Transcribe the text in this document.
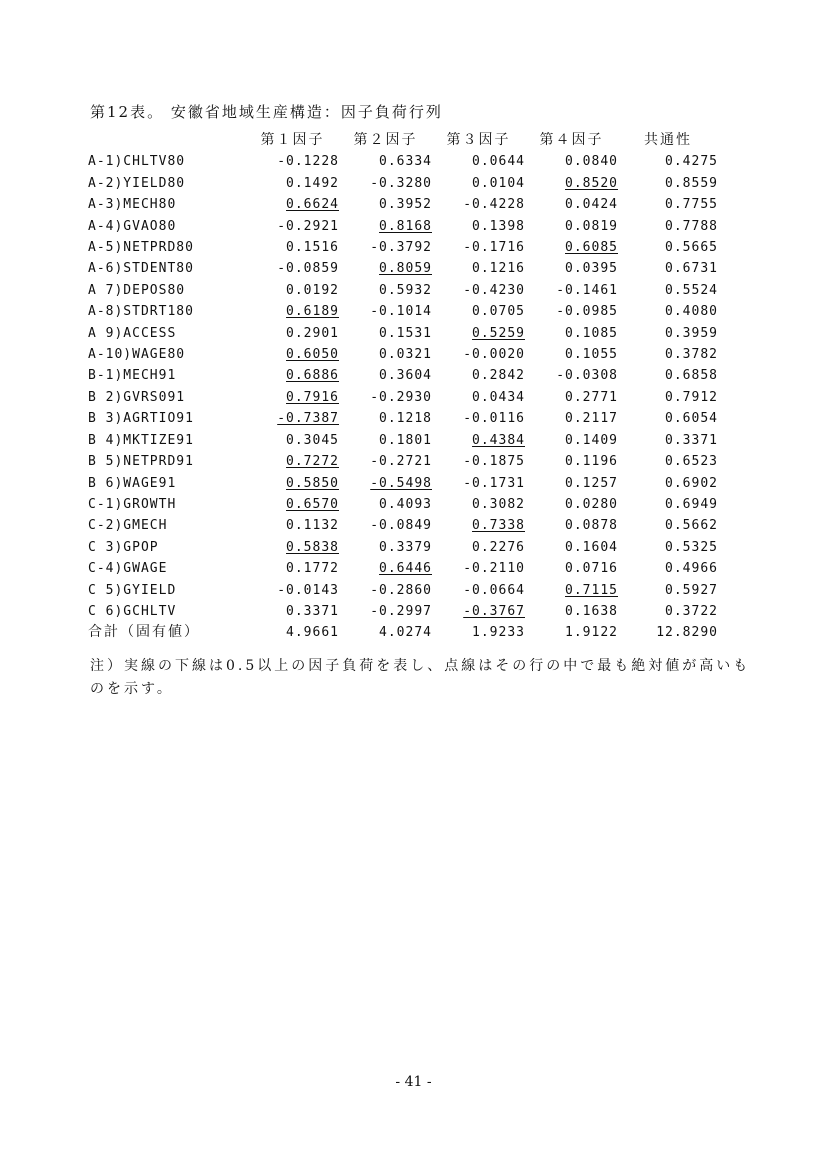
第12表。 安徽省地域生産構造：因子負荷行列
	第１因子	第２因子	第３因子	第４因子	共通性
A-1)CHLTV80	-0.1228	0.6334	0.0644	0.0840	0.4275
A-2)YIELD80	0.1492	-0.3280	0.0104	0.8520	0.8559
A-3)MECH80	0.6624	0.3952	-0.4228	0.0424	0.7755
A-4)GVAO80	-0.2921	0.8168	0.1398	0.0819	0.7788
A-5)NETPRD80	0.1516	-0.3792	-0.1716	0.6085	0.5665
A-6)STDENT80	-0.0859	0.8059	0.1216	0.0395	0.6731
A 7)DEPOS80	0.0192	0.5932	-0.4230	-0.1461	0.5524
A-8)STDRT180	0.6189	-0.1014	0.0705	-0.0985	0.4080
A 9)ACCESS	0.2901	0.1531	0.5259	0.1085	0.3959
A-10)WAGE80	0.6050	0.0321	-0.0020	0.1055	0.3782
B-1)MECH91	0.6886	0.3604	0.2842	-0.0308	0.6858
B 2)GVRS091	0.7916	-0.2930	0.0434	0.2771	0.7912
B 3)AGRTIO91	-0.7387	0.1218	-0.0116	0.2117	0.6054
B 4)MKTIZE91	0.3045	0.1801	0.4384	0.1409	0.3371
B 5)NETPRD91	0.7272	-0.2721	-0.1875	0.1196	0.6523
B 6)WAGE91	0.5850	-0.5498	-0.1731	0.1257	0.6902
C-1)GROWTH	0.6570	0.4093	0.3082	0.0280	0.6949
C-2)GMECH	0.1132	-0.0849	0.7338	0.0878	0.5662
C 3)GPOP	0.5838	0.3379	0.2276	0.1604	0.5325
C-4)GWAGE	0.1772	0.6446	-0.2110	0.0716	0.4966
C 5)GYIELD	-0.0143	-0.2860	-0.0664	0.7115	0.5927
C 6)GCHLTV	0.3371	-0.2997	-0.3767	0.1638	0.3722
合計（固有値）	4.9661	4.0274	1.9233	1.9122	12.8290
注）実線の下線は0.5以上の因子負荷を表し、点線はその行の中で最も絶対値が高いものを示す。
- 41 -
